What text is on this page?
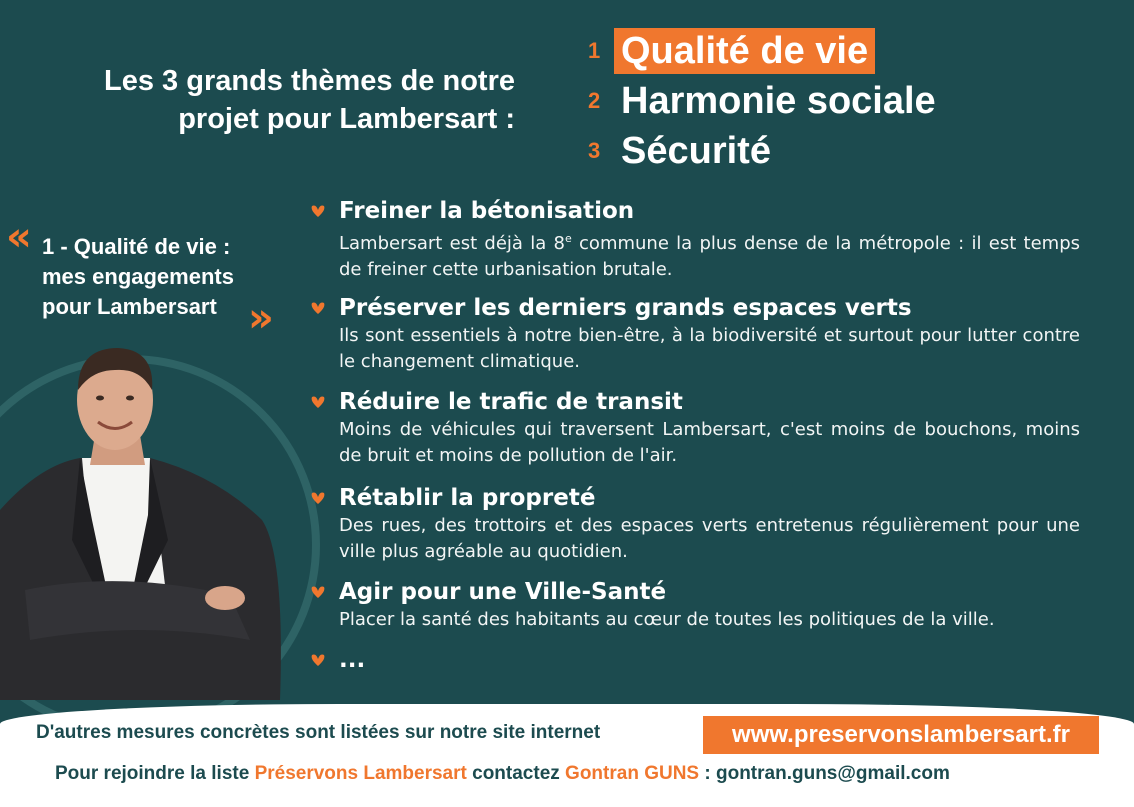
Les 3 grands thèmes de notre
projet pour Lambersart :
1 Qualité de vie
2 Harmonie sociale
3 Sécurité
« 1 - Qualité de vie :
mes engagements
pour Lambersart »
Freiner la bétonisation
Lambersart est déjà la 8e commune la plus dense de la métropole : il est temps de freiner cette urbanisation brutale.
Préserver les derniers grands espaces verts
Ils sont essentiels à notre bien-être, à la biodiversité et surtout pour lutter contre le changement climatique.
Réduire le trafic de transit
Moins de véhicules qui traversent Lambersart, c'est moins de bouchons, moins de bruit et moins de pollution de l'air.
Rétablir la propreté
Des rues, des trottoirs et des espaces verts entretenus régulièrement pour une ville plus agréable au quotidien.
Agir pour une Ville-Santé
Placer la santé des habitants au cœur de toutes les politiques de la ville.
...
D'autres mesures concrètes sont listées sur notre site internet	www.preservonslambersart.fr
Pour rejoindre la liste Préservons Lambersart contactez Gontran GUNS : gontran.guns@gmail.com
